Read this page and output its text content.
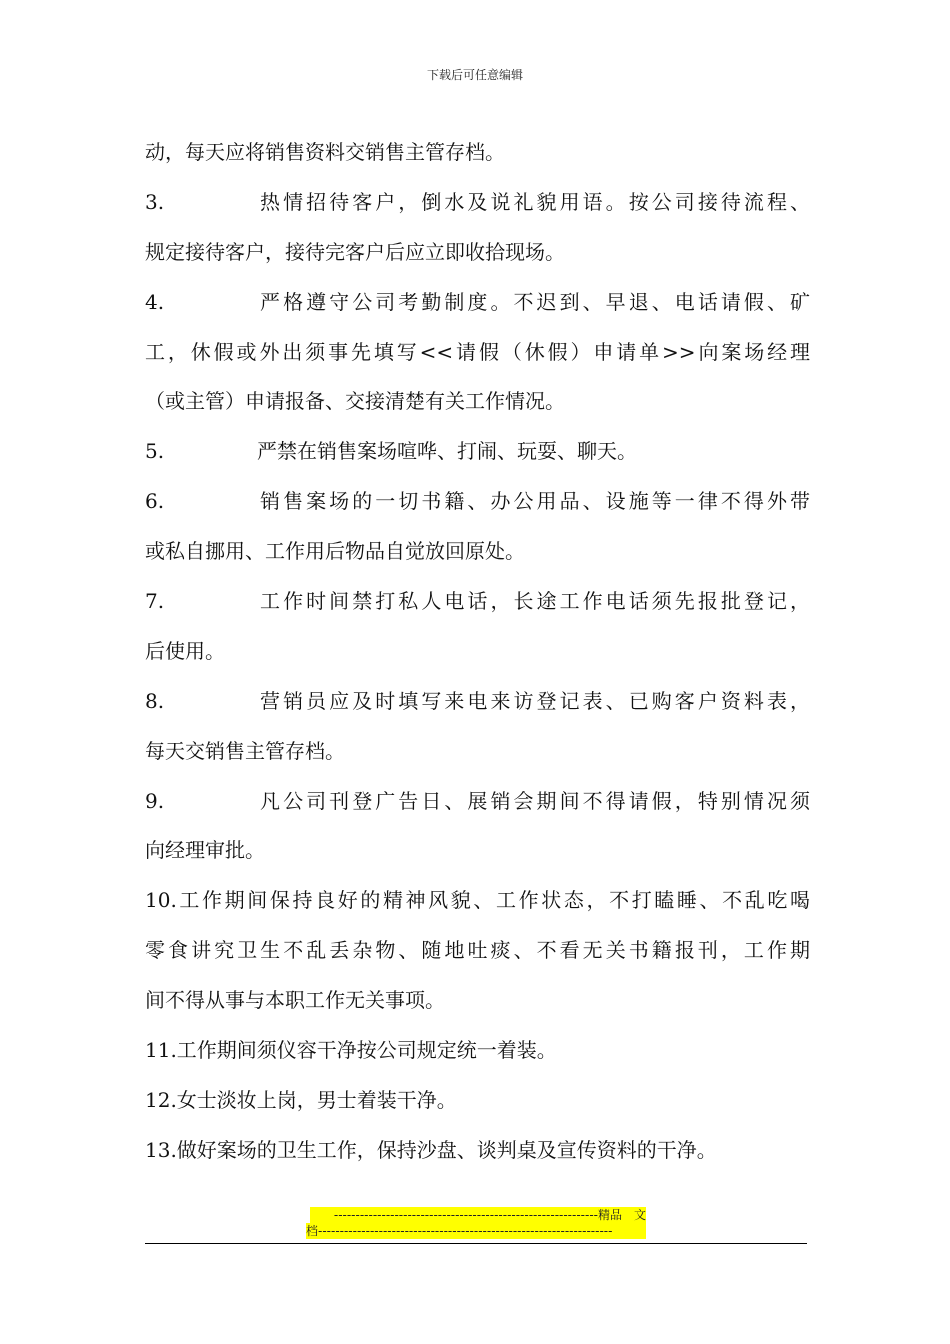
下载后可任意编辑
动，每天应将销售资料交销售主管存档。
3.	热情招待客户，倒水及说礼貌用语。按公司接待流程、
规定接待客户，接待完客户后应立即收拾现场。
4.	严格遵守公司考勤制度。不迟到、早退、电话请假、矿
工，休假或外出须事先填写<<请假（休假）申请单>>向案场经理
（或主管）申请报备、交接清楚有关工作情况。
5.	严禁在销售案场喧哗、打闹、玩耍、聊天。
6.	销售案场的一切书籍、办公用品、设施等一律不得外带
或私自挪用、工作用后物品自觉放回原处。
7.	工作时间禁打私人电话，长途工作电话须先报批登记，
后使用。
8.	营销员应及时填写来电来访登记表、已购客户资料表，
每天交销售主管存档。
9.	凡公司刊登广告日、展销会期间不得请假，特别情况须
向经理审批。
10.工作期间保持良好的精神风貌、工作状态，不打瞌睡、不乱吃喝
零食讲究卫生不乱丢杂物、随地吐痰、不看无关书籍报刊，工作期
间不得从事与本职工作无关事项。
11.工作期间须仪容干净按公司规定统一着装。
12.女士淡妆上岗，男士着装干净。
13.做好案场的卫生工作，保持沙盘、谈判桌及宣传资料的干净。
-------------------------------------------------------------精品　文
档--------------------------------------------------------------------
